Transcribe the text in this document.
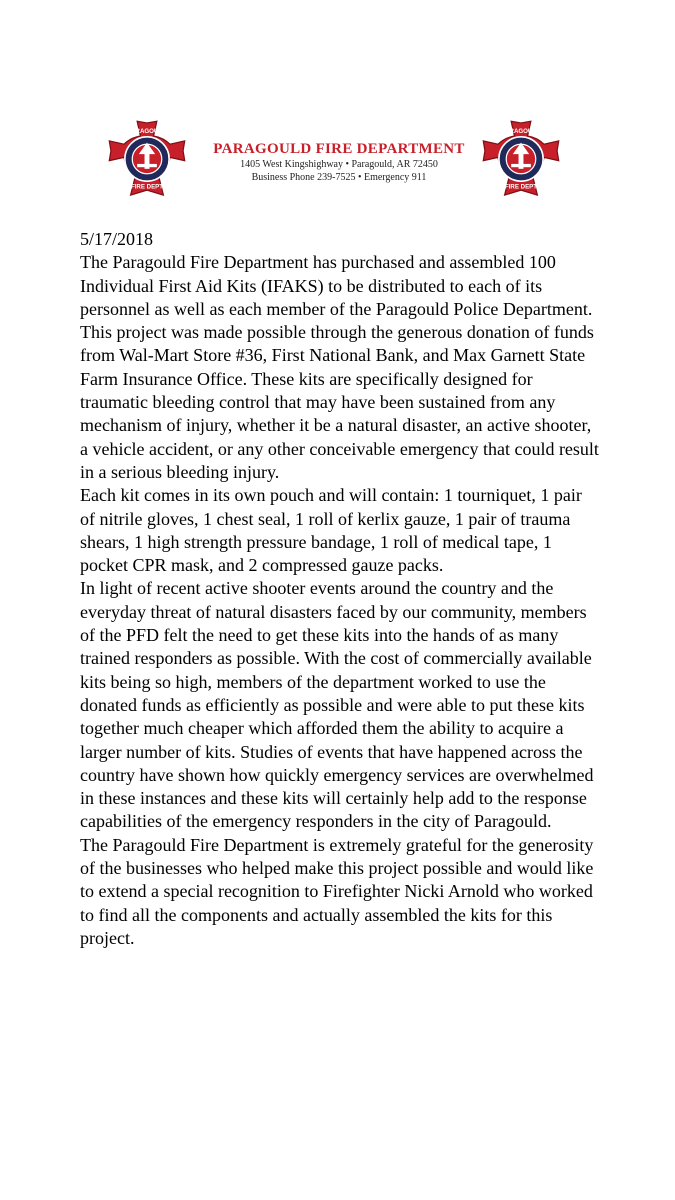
PARAGOULD
FIRE DEPT
PARAGOULD FIRE DEPARTMENT
1405 West Kingshighway • Paragould, AR 72450
Business Phone 239-7525 • Emergency 911
PARAGOULD
FIRE DEPT

5/17/2018

The Paragould Fire Department has purchased and assembled 100 Individual First Aid Kits (IFAKS) to be distributed to each of its personnel as well as each member of the Paragould Police Department. This project was made possible through the generous donation of funds from Wal-Mart Store #36, First National Bank, and Max Garnett State Farm Insurance Office. These kits are specifically designed for traumatic bleeding control that may have been sustained from any mechanism of injury, whether it be a natural disaster, an active shooter, a vehicle accident, or any other conceivable emergency that could result in a serious bleeding injury.

Each kit comes in its own pouch and will contain: 1 tourniquet, 1 pair of nitrile gloves, 1 chest seal, 1 roll of kerlix gauze, 1 pair of trauma shears, 1 high strength pressure bandage, 1 roll of medical tape, 1 pocket CPR mask, and 2 compressed gauze packs.

In light of recent active shooter events around the country and the everyday threat of natural disasters faced by our community, members of the PFD felt the need to get these kits into the hands of as many trained responders as possible. With the cost of commercially available kits being so high, members of the department worked to use the donated funds as efficiently as possible and were able to put these kits together much cheaper which afforded them the ability to acquire a larger number of kits. Studies of events that have happened across the country have shown how quickly emergency services are overwhelmed in these instances and these kits will certainly help add to the response capabilities of the emergency responders in the city of Paragould.

The Paragould Fire Department is extremely grateful for the generosity of the businesses who helped make this project possible and would like to extend a special recognition to Firefighter Nicki Arnold who worked to find all the components and actually assembled the kits for this project.
